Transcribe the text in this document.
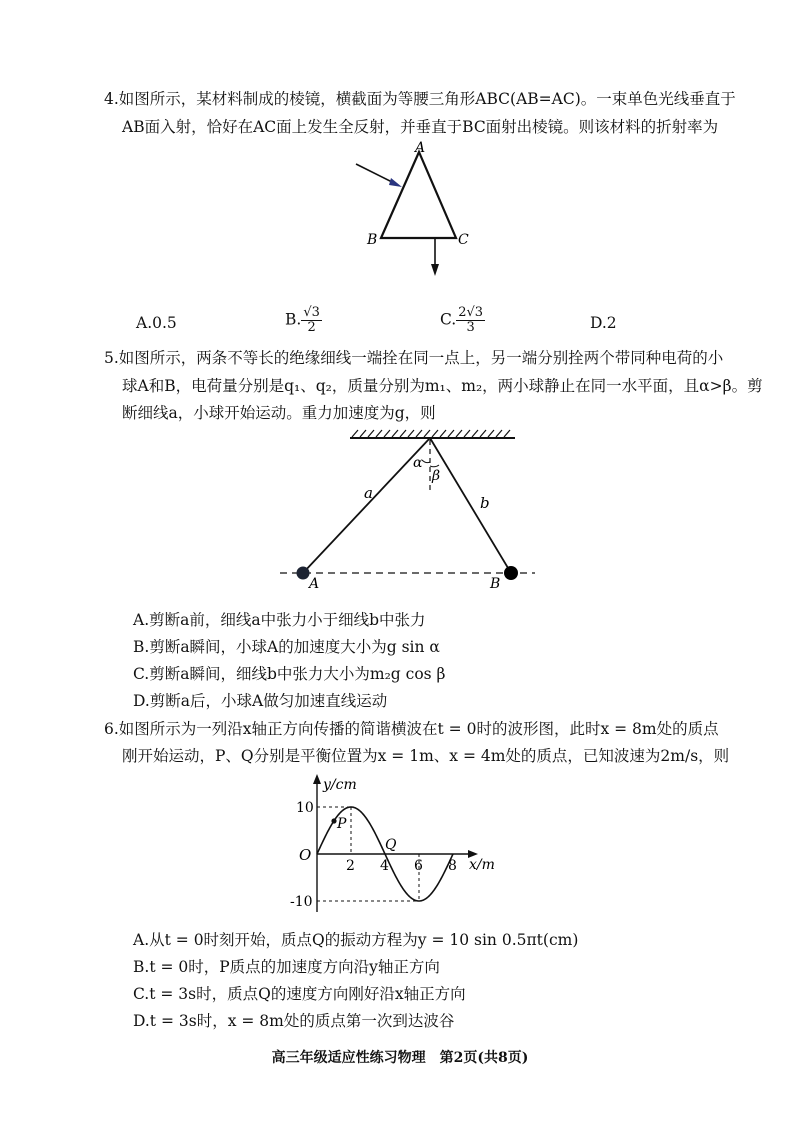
4.如图所示，某材料制成的棱镜，横截面为等腰三角形ABC(AB=AC)。一束单色光线垂直于
AB面入射，恰好在AC面上发生全反射，并垂直于BC面射出棱镜。则该材料的折射率为
A
B	C
A.0.5	B. $\frac{√3}{2}$	C. $\frac{2√3}{3}$	D.2
5.如图所示，两条不等长的绝缘细线一端拴在同一点上，另一端分别拴两个带同种电荷的小
球A和B，电荷量分别是q₁、q₂，质量分别为m₁、m₂，两小球静止在同一水平面，且α>β。剪
断细线a，小球开始运动。重力加速度为g，则
α
β
a
b
A	B
A.剪断a前，细线a中张力小于细线b中张力
B.剪断a瞬间，小球A的加速度大小为g sin α
C.剪断a瞬间，细线b中张力大小为m₂g cos β
D.剪断a后，小球A做匀加速直线运动
6.如图所示为一列沿x轴正方向传播的简谐横波在t = 0时的波形图，此时x = 8m处的质点
刚开始运动，P、Q分别是平衡位置为x = 1m、x = 4m处的质点，已知波速为2m/s，则
P
Q
y/cm
x/m
O
10
-10
2 4 6 8
A.从t = 0时刻开始，质点Q的振动方程为y = 10 sin 0.5πt(cm)
B.t = 0时，P质点的加速度方向沿y轴正方向
C.t = 3s时，质点Q的速度方向刚好沿x轴正方向
D.t = 3s时，x = 8m处的质点第一次到达波谷
高三年级适应性练习物理　第2页(共8页)
